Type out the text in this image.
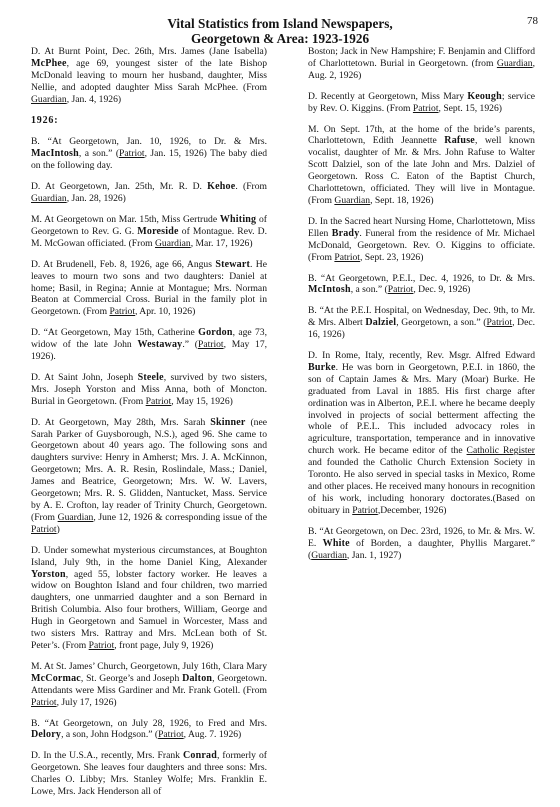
Vital Statistics from Island Newspapers,
Georgetown & Area: 1923-1926
78

D. At Burnt Point, Dec. 26th, Mrs. James (Jane Isabella) McPhee, age 69, youngest sister of the late Bishop McDonald leaving to mourn her husband, daughter, Miss Nellie, and adopted daughter Miss Sarah McPhee. (From Guardian, Jan. 4, 1926)

1926:

B. “At Georgetown, Jan. 10, 1926, to Dr. & Mrs. MacIntosh, a son.” (Patriot, Jan. 15, 1926) The baby died on the following day.

D. At Georgetown, Jan. 25th, Mr. R. D. Kehoe. (From Guardian, Jan. 28, 1926)

M. At Georgetown on Mar. 15th, Miss Gertrude Whiting of Georgetown to Rev. G. G. Moreside of Montague. Rev. D. M. McGowan officiated. (From Guardian, Mar. 17, 1926)

D. At Brudenell, Feb. 8, 1926, age 66, Angus Stewart. He leaves to mourn two sons and two daughters: Daniel at home; Basil, in Regina; Annie at Montague; Mrs. Norman Beaton at Commercial Cross. Burial in the family plot in Georgetown. (From Patriot, Apr. 10, 1926)

D. “At Georgetown, May 15th, Catherine Gordon, age 73, widow of the late John Westaway.” (Patriot, May 17, 1926).

D. At Saint John, Joseph Steele, survived by two sisters, Mrs. Joseph Yorston and Miss Anna, both of Moncton. Burial in Georgetown. (From Patriot, May 15, 1926)

D. At Georgetown, May 28th, Mrs. Sarah Skinner (nee Sarah Parker of Guysborough, N.S.), aged 96. She came to Georgetown about 40 years ago. The following sons and daughters survive: Henry in Amherst; Mrs. J. A. McKinnon, Georgetown; Mrs. A. R. Resin, Roslindale, Mass.; Daniel, James and Beatrice, Georgetown; Mrs. W. W. Lavers, Georgetown; Mrs. R. S. Glidden, Nantucket, Mass. Service by A. E. Crofton, lay reader of Trinity Church, Georgetown. (From Guardian, June 12, 1926 & corresponding issue of the Patriot)

D. Under somewhat mysterious circumstances, at Boughton Island, July 9th, in the home Daniel King, Alexander Yorston, aged 55, lobster factory worker. He leaves a widow on Boughton Island and four children, two married daughters, one unmarried daughter and a son Bernard in British Columbia. Also four brothers, William, George and Hugh in Georgetown and Samuel in Worcester, Mass and two sisters Mrs. Rattray and Mrs. McLean both of St. Peter’s. (From Patriot, front page, July 9, 1926)

M. At St. James’ Church, Georgetown, July 16th, Clara Mary McCormac, St. George’s and Joseph Dalton, Georgetown. Attendants were Miss Gardiner and Mr. Frank Gotell. (From Patriot, July 17, 1926)

B. “At Georgetown, on July 28, 1926, to Fred and Mrs. Delory, a son, John Hodgson.” (Patriot, Aug. 7. 1926)

D. In the U.S.A., recently, Mrs. Frank Conrad, formerly of Georgetown. She leaves four daughters and three sons: Mrs. Charles O. Libby; Mrs. Stanley Wolfe; Mrs. Franklin E. Lowe, Mrs. Jack Henderson all of

Boston; Jack in New Hampshire; F. Benjamin and Clifford of Charlottetown. Burial in Georgetown. (from Guardian, Aug. 2, 1926)

D. Recently at Georgetown, Miss Mary Keough; service by Rev. O. Kiggins. (From Patriot, Sept. 15, 1926)

M. On Sept. 17th, at the home of the bride’s parents, Charlottetown, Edith Jeannette Rafuse, well known vocalist, daughter of Mr. & Mrs. John Rafuse to Walter Scott Dalziel, son of the late John and Mrs. Dalziel of Georgetown. Ross C. Eaton of the Baptist Church, Charlottetown, officiated. They will live in Montague. (From Guardian, Sept. 18, 1926)

D. In the Sacred heart Nursing Home, Charlottetown, Miss Ellen Brady. Funeral from the residence of Mr. Michael McDonald, Georgetown. Rev. O. Kiggins to officiate. (From Patriot, Sept. 23, 1926)

B. “At Georgetown, P.E.I., Dec. 4, 1926, to Dr. & Mrs. McIntosh, a son.” (Patriot, Dec. 9, 1926)

B. “At the P.E.I. Hospital, on Wednesday, Dec. 9th, to Mr. & Mrs. Albert Dalziel, Georgetown, a son.” (Patriot, Dec. 16, 1926)

D. In Rome, Italy, recently, Rev. Msgr. Alfred Edward Burke. He was born in Georgetown, P.E.I. in 1860, the son of Captain James & Mrs. Mary (Moar) Burke. He graduated from Laval in 1885. His first charge after ordination was in Alberton, P.E.I. where he became deeply involved in projects of social betterment affecting the whole of P.E.I.. This included advocacy roles in agriculture, transportation, temperance and in innovative church work. He became editor of the Catholic Register and founded the Catholic Church Extension Society in Toronto. He also served in special tasks in Mexico, Rome and other places. He received many honours in recognition of his work, including honorary doctorates.(Based on obituary in Patriot,December, 1926)

B. “At Georgetown, on Dec. 23rd, 1926, to Mr. & Mrs. W. E. White of Borden, a daughter, Phyllis Margaret.” (Guardian, Jan. 1, 1927)
